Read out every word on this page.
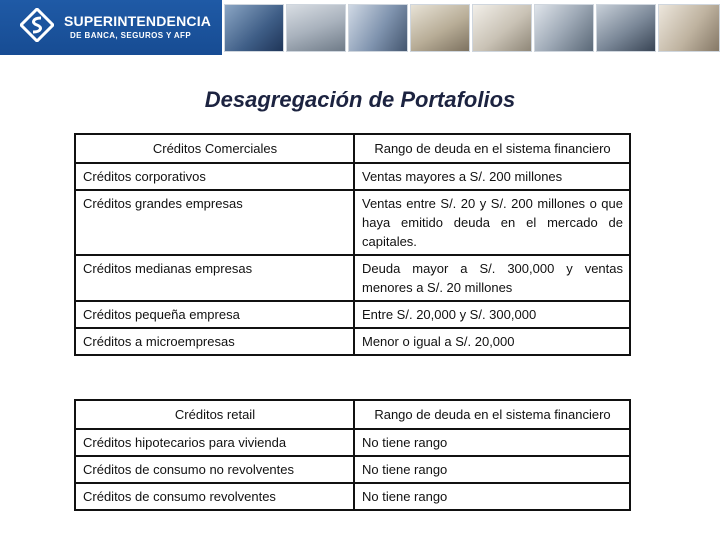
SUPERINTENDENCIA
DE BANCA, SEGUROS Y AFP
Desagregación de Portafolios
Créditos Comerciales	Rango de deuda en el sistema financiero
Créditos corporativos	Ventas mayores a S/. 200 millones
Créditos grandes empresas	Ventas entre S/. 20 y S/. 200 millones o que haya emitido deuda en el mercado de capitales.
Créditos medianas empresas	Deuda mayor a S/. 300,000 y ventas menores a S/. 20 millones
Créditos pequeña empresa	Entre S/. 20,000 y S/. 300,000
Créditos a microempresas	Menor o igual a S/. 20,000
Créditos retail	Rango de deuda en el sistema financiero
Créditos hipotecarios para vivienda	No tiene rango
Créditos de consumo no revolventes	No tiene rango
Créditos de consumo revolventes	No tiene rango
